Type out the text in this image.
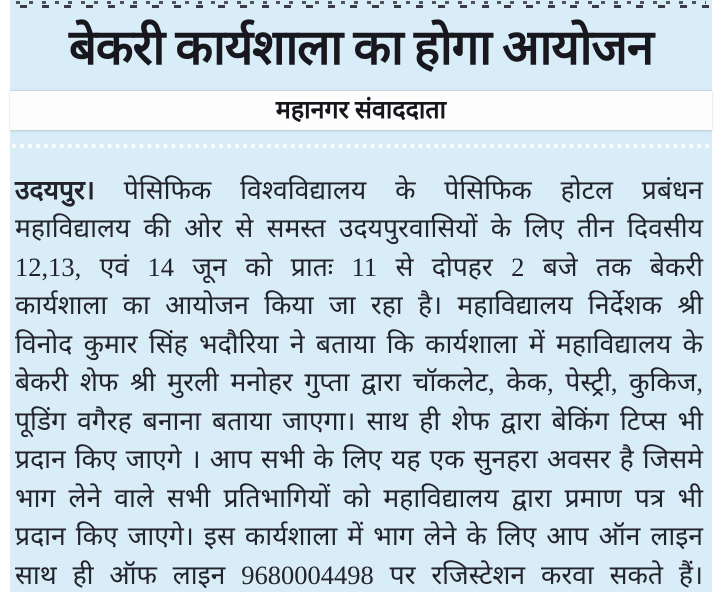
बेकरी कार्यशाला का होगा आयोजन
महानगर संवाददाता
उदयपुर। पेसिफिक विश्वविद्यालय के पेसिफिक होटल प्रबंधन
महाविद्यालय की ओर से समस्त उदयपुरवासियों के लिए तीन दिवसीय
12,13, एवं 14 जून को प्रातः 11 से दोपहर 2 बजे तक बेकरी
कार्यशाला का आयोजन किया जा रहा है। महाविद्यालय निर्देशक श्री
विनोद कुमार सिंह भदौरिया ने बताया कि कार्यशाला में महाविद्यालय के
बेकरी शेफ श्री मुरली मनोहर गुप्ता द्वारा चॉकलेट, केक, पेस्ट्री, कुकिज,
पूडिंग वगैरह बनाना बताया जाएगा। साथ ही शेफ द्वारा बेकिंग टिप्स भी
प्रदान किए जाएगे । आप सभी के लिए यह एक सुनहरा अवसर है जिसमे
भाग लेने वाले सभी प्रतिभागियों को महाविद्यालय द्वारा प्रमाण पत्र भी
प्रदान किए जाएगे। इस कार्यशाला में भाग लेने के लिए आप ऑन लाइन
साथ ही ऑफ लाइन 9680004498 पर रजिस्टेशन करवा सकते हैं।
